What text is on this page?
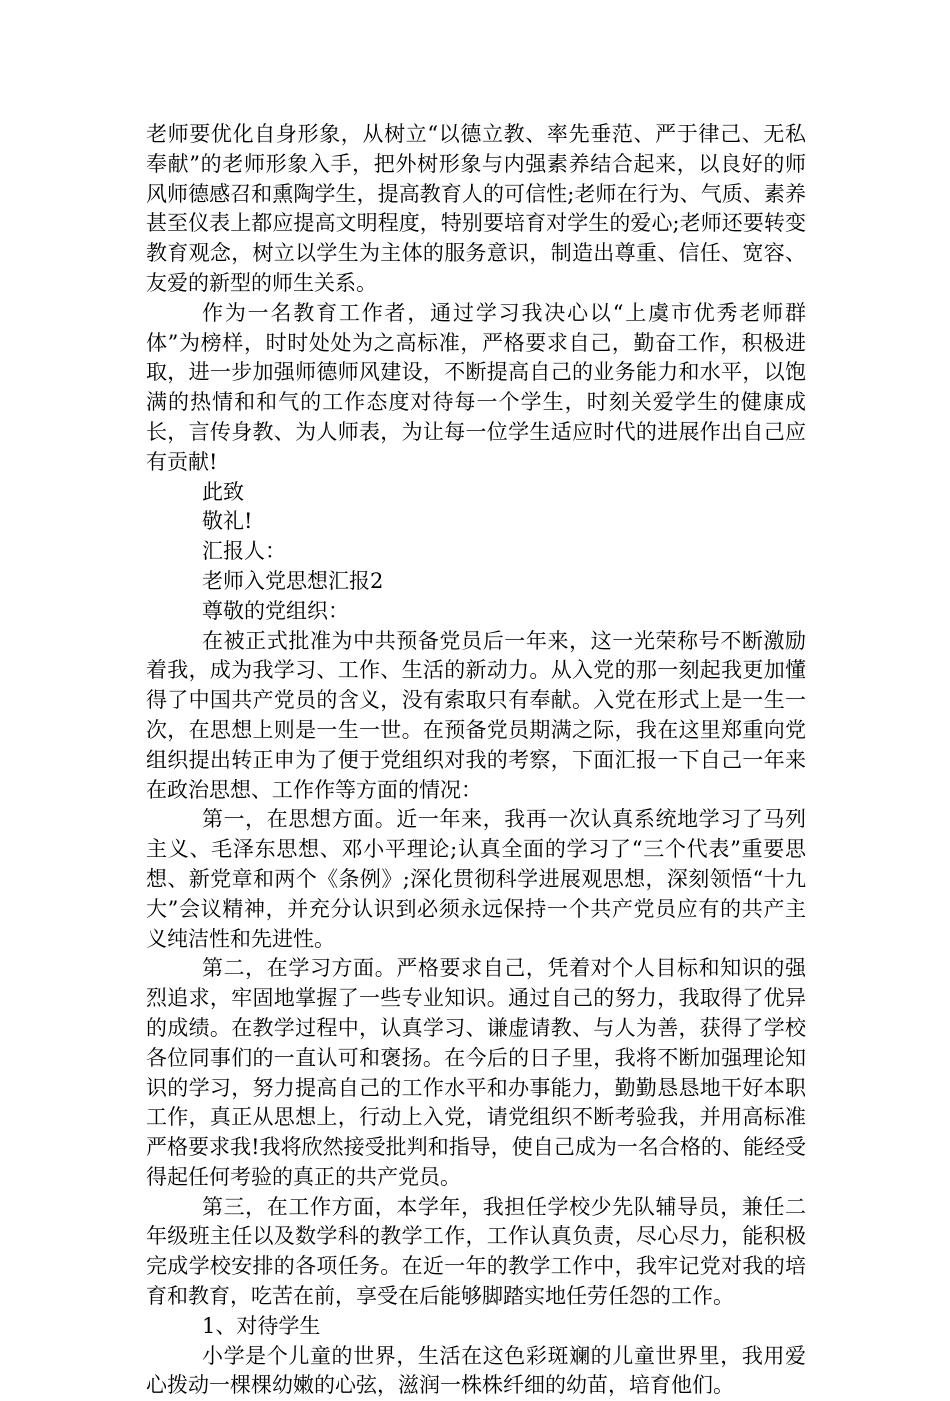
老师要优化自身形象，从树立“以德立教、率先垂范、严于律己、无私奉献”的老师形象入手，把外树形象与内强素养结合起来，以良好的师风师德感召和熏陶学生，提高教育人的可信性;老师在行为、气质、素养甚至仪表上都应提高文明程度，特别要培育对学生的爱心;老师还要转变教育观念，树立以学生为主体的服务意识，制造出尊重、信任、宽容、友爱的新型的师生关系。

作为一名教育工作者，通过学习我决心以“上虞市优秀老师群体”为榜样，时时处处为之高标准，严格要求自己，勤奋工作，积极进取，进一步加强师德师风建设，不断提高自己的业务能力和水平，以饱满的热情和和气的工作态度对待每一个学生，时刻关爱学生的健康成长，言传身教、为人师表，为让每一位学生适应时代的进展作出自己应有贡献!

此致

敬礼!

汇报人：

老师入党思想汇报2

尊敬的党组织：

在被正式批准为中共预备党员后一年来，这一光荣称号不断激励着我，成为我学习、工作、生活的新动力。从入党的那一刻起我更加懂得了中国共产党员的含义，没有索取只有奉献。入党在形式上是一生一次，在思想上则是一生一世。在预备党员期满之际，我在这里郑重向党组织提出转正申为了便于党组织对我的考察，下面汇报一下自己一年来在政治思想、工作作等方面的情况：

第一，在思想方面。近一年来，我再一次认真系统地学习了马列主义、毛泽东思想、邓小平理论;认真全面的学习了“三个代表”重要思想、新党章和两个《条例》;深化贯彻科学进展观思想，深刻领悟“十九大”会议精神，并充分认识到必须永远保持一个共产党员应有的共产主义纯洁性和先进性。

第二，在学习方面。严格要求自己，凭着对个人目标和知识的强烈追求，牢固地掌握了一些专业知识。通过自己的努力，我取得了优异的成绩。在教学过程中，认真学习、谦虚请教、与人为善，获得了学校各位同事们的一直认可和褒扬。在今后的日子里，我将不断加强理论知识的学习，努力提高自己的工作水平和办事能力，勤勤恳恳地干好本职工作，真正从思想上，行动上入党，请党组织不断考验我，并用高标准严格要求我!我将欣然接受批判和指导，使自己成为一名合格的、能经受得起任何考验的真正的共产党员。

第三，在工作方面，本学年，我担任学校少先队辅导员，兼任二年级班主任以及数学科的教学工作，工作认真负责，尽心尽力，能积极完成学校安排的各项任务。在近一年的教学工作中，我牢记党对我的培育和教育，吃苦在前，享受在后能够脚踏实地任劳任怨的工作。

1、对待学生

小学是个儿童的世界，生活在这色彩斑斓的儿童世界里，我用爱心拨动一棵棵幼嫩的心弦，滋润一株株纤细的幼苗，培育他们。
